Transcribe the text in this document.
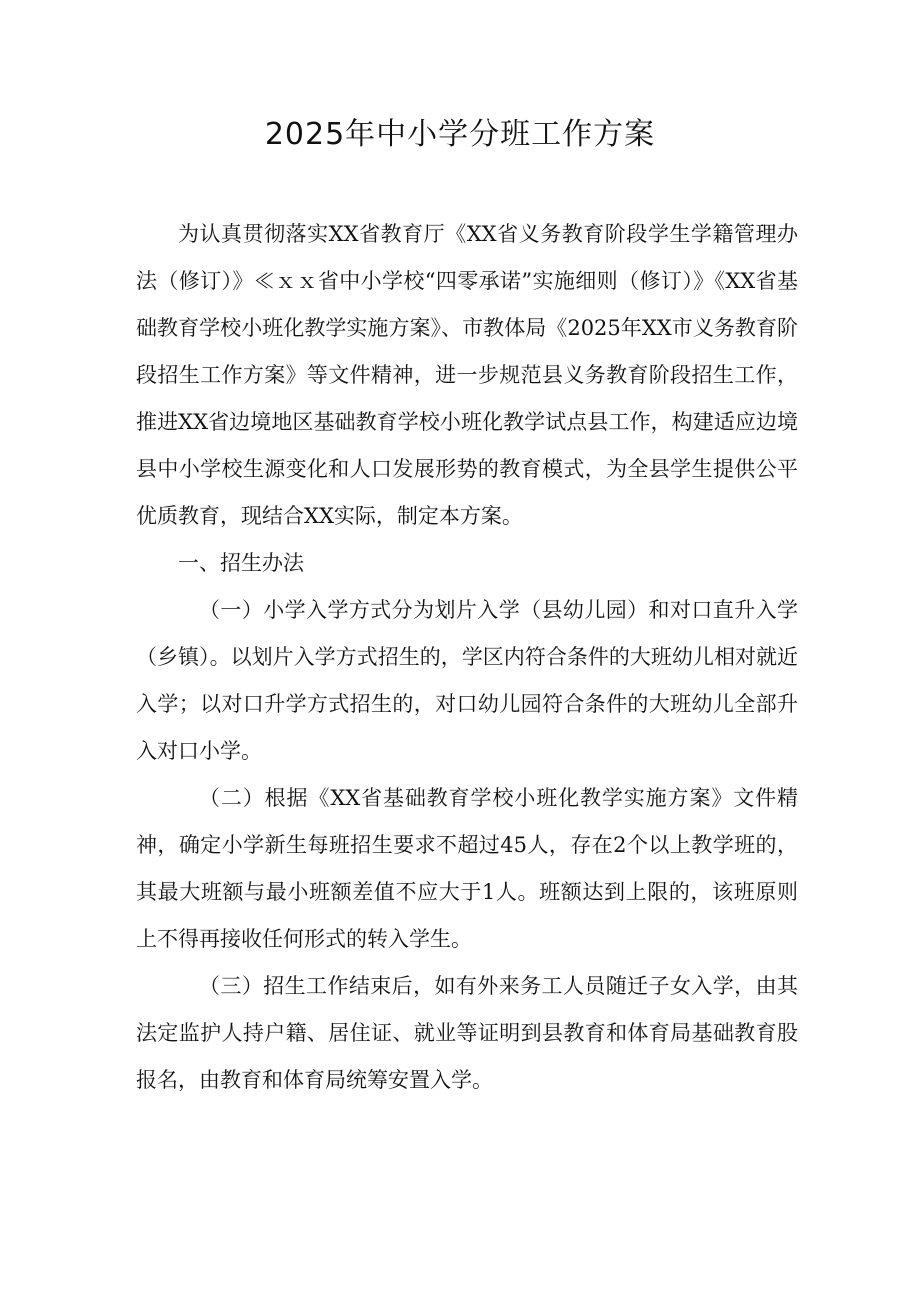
2025年中小学分班工作方案

为认真贯彻落实XX省教育厅《XX省义务教育阶段学生学籍管理办法（修订）》≪ｘｘ省中小学校“四零承诺”实施细则（修订）》《XX省基础教育学校小班化教学实施方案》、市教体局《2025年XX市义务教育阶段招生工作方案》等文件精神，进一步规范县义务教育阶段招生工作，推进XX省边境地区基础教育学校小班化教学试点县工作，构建适应边境县中小学校生源变化和人口发展形势的教育模式，为全县学生提供公平优质教育，现结合XX实际，制定本方案。

一、招生办法

（一）小学入学方式分为划片入学（县幼儿园）和对口直升入学（乡镇）。以划片入学方式招生的，学区内符合条件的大班幼儿相对就近入学；以对口升学方式招生的，对口幼儿园符合条件的大班幼儿全部升入对口小学。

（二）根据《XX省基础教育学校小班化教学实施方案》文件精神，确定小学新生每班招生要求不超过45人，存在2个以上教学班的，其最大班额与最小班额差值不应大于1人。班额达到上限的，该班原则上不得再接收任何形式的转入学生。

（三）招生工作结束后，如有外来务工人员随迁子女入学，由其法定监护人持户籍、居住证、就业等证明到县教育和体育局基础教育股报名，由教育和体育局统筹安置入学。
